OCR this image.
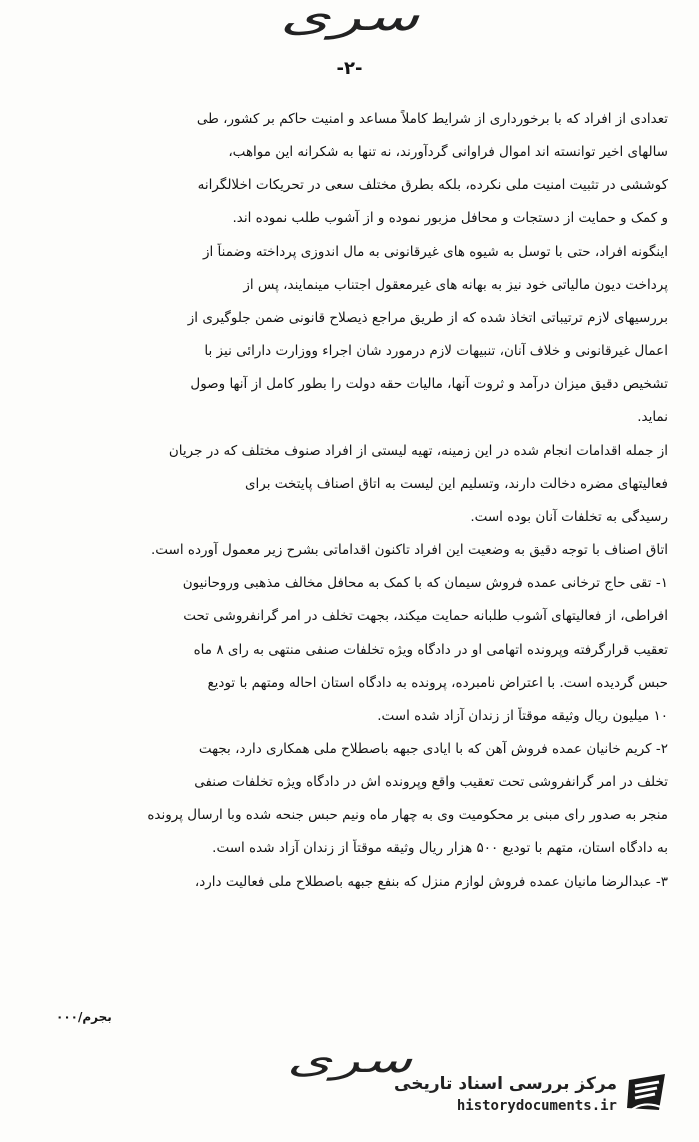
سری
-۲-
تعدادی از افراد که با برخورداری از شرایط کاملاً مساعد و امنیت حاکم بر کشور، طی
سالهای اخیر توانسته اند اموال فراوانی گردآورند، نه تنها به شکرانه این مواهب،
کوششی در تثبیت امنیت ملی نکرده، بلکه بطرق مختلف سعی در تحریکات اخلالگرانه
و کمک و حمایت از دستجات و محافل مزبور نموده و از آشوب طلب نموده اند.
اینگونه افراد، حتی با توسل به شیوه های غیرقانونی به مال اندوزی پرداخته وضمناً از
پرداخت دیون مالیاتی خود نیز به بهانه های غیرمعقول اجتناب مینمایند، پس از
بررسیهای لازم ترتیباتی اتخاذ شده که از طریق مراجع ذیصلاح قانونی ضمن جلوگیری از
اعمال غیرقانونی و خلاف آنان، تنبیهات لازم درمورد شان اجراء ووزارت دارائی نیز با
تشخیص دقیق میزان درآمد و ثروت آنها، مالیات حقه دولت را بطور کامل از آنها وصول
نماید.
از جمله اقدامات انجام شده در این زمینه، تهیه لیستی از افراد صنوف مختلف که در جریان
فعالیتهای مضره دخالت دارند، وتسلیم این لیست به اتاق اصناف پایتخت برای
رسیدگی به تخلفات آنان بوده است.
اتاق اصناف با توجه دقیق به وضعیت این افراد تاکنون اقداماتی بشرح زیر معمول آورده است.
۱- تقی حاج ترخانی عمده فروش سیمان که با کمک به محافل مخالف مذهبی وروحانیون
افراطی، از فعالیتهای آشوب طلبانه حمایت میکند، بجهت تخلف در امر گرانفروشی تحت
تعقیب قرارگرفته وپرونده اتهامی او در دادگاه ویژه تخلفات صنفی منتهی به رای ۸ ماه
حبس گردیده است. با اعتراض نامبرده، پرونده به دادگاه استان احاله ومتهم با تودیع
۱۰ میلیون ریال وثیقه موقتاً از زندان آزاد شده است.
۲- کریم خانیان عمده فروش آهن که با ایادی جبهه باصطلاح ملی همکاری دارد، بجهت
تخلف در امر گرانفروشی تحت تعقیب واقع وپرونده اش در دادگاه ویژه تخلفات صنفی
منجر به صدور رای مبنی بر محکومیت وی به چهار ماه ونیم حبس جنحه شده وبا ارسال پرونده
به دادگاه استان، متهم با تودیع ۵۰۰ هزار ریال وثیقه موقتاً از زندان آزاد شده است.
۳- عبدالرضا مانیان عمده فروش لوازم منزل که بنفع جبهه باصطلاح ملی فعالیت دارد،
بجرم/۰۰۰
سری
مرکز بررسی اسناد تاریخی
historydocuments.ir
